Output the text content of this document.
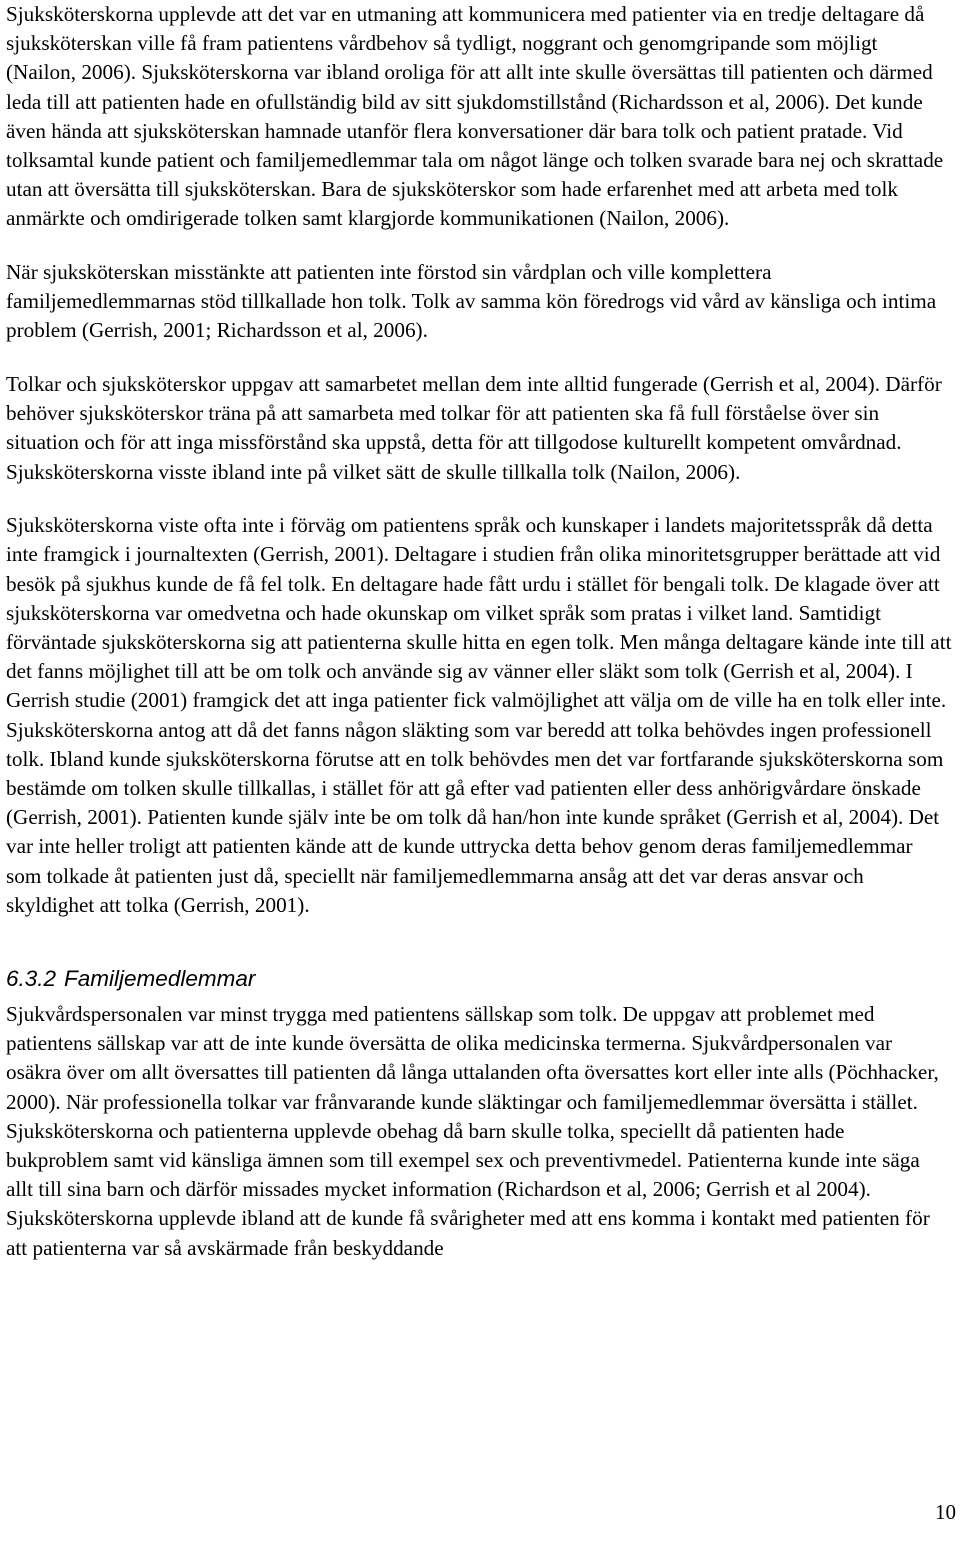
Sjuksköterskorna upplevde att det var en utmaning att kommunicera med patienter via en tredje deltagare då sjuksköterskan ville få fram patientens vårdbehov så tydligt, noggrant och genomgripande som möjligt (Nailon, 2006). Sjuksköterskorna var ibland oroliga för att allt inte skulle översättas till patienten och därmed leda till att patienten hade en ofullständig bild av sitt sjukdomstillstånd (Richardsson et al, 2006). Det kunde även hända att sjuksköterskan hamnade utanför flera konversationer där bara tolk och patient pratade. Vid tolksamtal kunde patient och familjemedlemmar tala om något länge och tolken svarade bara nej och skrattade utan att översätta till sjuksköterskan. Bara de sjuksköterskor som hade erfarenhet med att arbeta med tolk anmärkte och omdirigerade tolken samt klargjorde kommunikationen (Nailon, 2006).

När sjuksköterskan misstänkte att patienten inte förstod sin vårdplan och ville komplettera familjemedlemmarnas stöd tillkallade hon tolk. Tolk av samma kön föredrogs vid vård av känsliga och intima problem (Gerrish, 2001; Richardsson et al, 2006).

Tolkar och sjuksköterskor uppgav att samarbetet mellan dem inte alltid fungerade (Gerrish et al, 2004). Därför behöver sjuksköterskor träna på att samarbeta med tolkar för att patienten ska få full förståelse över sin situation och för att inga missförstånd ska uppstå, detta för att tillgodose kulturellt kompetent omvårdnad. Sjuksköterskorna visste ibland inte på vilket sätt de skulle tillkalla tolk (Nailon, 2006).

Sjuksköterskorna viste ofta inte i förväg om patientens språk och kunskaper i landets majoritetsspråk då detta inte framgick i journaltexten (Gerrish, 2001). Deltagare i studien från olika minoritetsgrupper berättade att vid besök på sjukhus kunde de få fel tolk. En deltagare hade fått urdu i stället för bengali tolk. De klagade över att sjuksköterskorna var omedvetna och hade okunskap om vilket språk som pratas i vilket land. Samtidigt förväntade sjuksköterskorna sig att patienterna skulle hitta en egen tolk. Men många deltagare kände inte till att det fanns möjlighet till att be om tolk och använde sig av vänner eller släkt som tolk (Gerrish et al, 2004). I Gerrish studie (2001) framgick det att inga patienter fick valmöjlighet att välja om de ville ha en tolk eller inte. Sjuksköterskorna antog att då det fanns någon släkting som var beredd att tolka behövdes ingen professionell tolk. Ibland kunde sjuksköterskorna förutse att en tolk behövdes men det var fortfarande sjuksköterskorna som bestämde om tolken skulle tillkallas, i stället för att gå efter vad patienten eller dess anhörigvårdare önskade (Gerrish, 2001). Patienten kunde själv inte be om tolk då han/hon inte kunde språket (Gerrish et al, 2004). Det var inte heller troligt att patienten kände att de kunde uttrycka detta behov genom deras familjemedlemmar som tolkade åt patienten just då, speciellt när familjemedlemmarna ansåg att det var deras ansvar och skyldighet att tolka (Gerrish, 2001).

6.3.2 Familjemedlemmar

Sjukvårdspersonalen var minst trygga med patientens sällskap som tolk. De uppgav att problemet med patientens sällskap var att de inte kunde översätta de olika medicinska termerna. Sjukvårdpersonalen var osäkra över om allt översattes till patienten då långa uttalanden ofta översattes kort eller inte alls (Pöchhacker, 2000). När professionella tolkar var frånvarande kunde släktingar och familjemedlemmar översätta i stället. Sjuksköterskorna och patienterna upplevde obehag då barn skulle tolka, speciellt då patienten hade bukproblem samt vid känsliga ämnen som till exempel sex och preventivmedel. Patienterna kunde inte säga allt till sina barn och därför missades mycket information (Richardson et al, 2006; Gerrish et al 2004). Sjuksköterskorna upplevde ibland att de kunde få svårigheter med att ens komma i kontakt med patienten för att patienterna var så avskärmade från beskyddande

10
